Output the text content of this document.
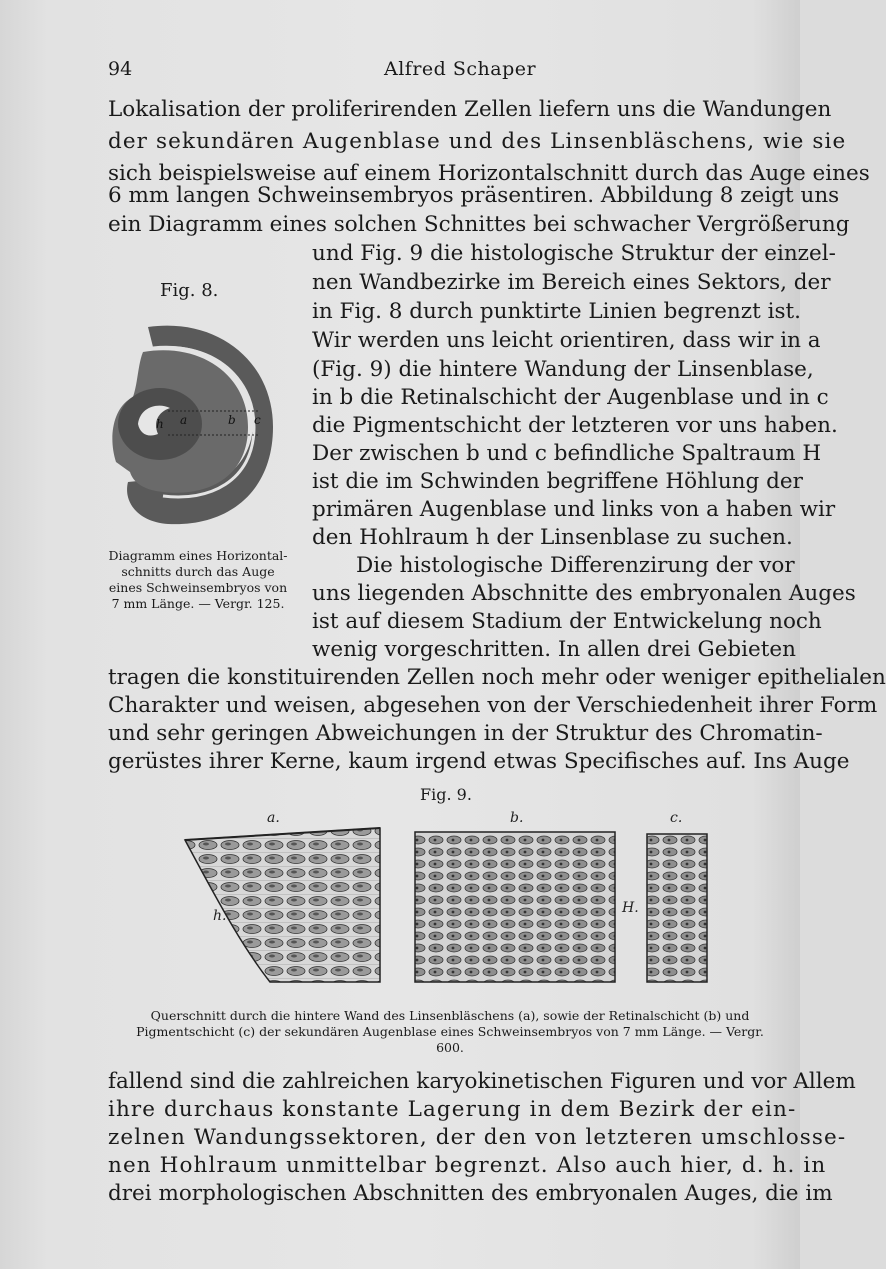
94	Alfred Schaper
Lokalisation der proliferirenden Zellen liefern uns die Wandungen
der sekundären Augenblase und des Linsenbläschens, wie sie
sich beispielsweise auf einem Horizontalschnitt durch das Auge eines
6 mm langen Schweinsembryos präsentiren. Abbildung 8 zeigt uns
ein Diagramm eines solchen Schnittes bei schwacher Vergrößerung
und Fig. 9 die histologische Struktur der einzel-
nen Wandbezirke im Bereich eines Sektors, der
in Fig. 8 durch punktirte Linien begrenzt ist.
Wir werden uns leicht orientiren, dass wir in a
(Fig. 9) die hintere Wandung der Linsenblase,
in b die Retinalschicht der Augenblase und in c
die Pigmentschicht der letzteren vor uns haben.
Der zwischen b und c befindliche Spaltraum H
ist die im Schwinden begriffene Höhlung der
primären Augenblase und links von a haben wir
den Hohlraum h der Linsenblase zu suchen.
Die histologische Differenzirung der vor
uns liegenden Abschnitte des embryonalen Auges
ist auf diesem Stadium der Entwickelung noch
wenig vorgeschritten. In allen drei Gebieten
tragen die konstituirenden Zellen noch mehr oder weniger epithelialen
Charakter und weisen, abgesehen von der Verschiedenheit ihrer Form
und sehr geringen Abweichungen in der Struktur des Chromatin-
gerüstes ihrer Kerne, kaum irgend etwas Specifisches auf. Ins Auge
Fig. 8.
h a	b c
Diagramm eines Horizontal-schnitts durch das Auge eines Schweinsembryos von 7 mm Länge. — Vergr. 125.
Fig. 9.
a.	b.	c.
h.	H.
Querschnitt durch die hintere Wand des Linsenbläschens (a), sowie der Retinalschicht (b) und Pigmentschicht (c) der sekundären Augenblase eines Schweinsembryos von 7 mm Länge. — Vergr. 600.
fallend sind die zahlreichen karyokinetischen Figuren und vor Allem
ihre durchaus konstante Lagerung in dem Bezirk der ein-
zelnen Wandungssektoren, der den von letzteren umschlosse-
nen Hohlraum unmittelbar begrenzt. Also auch hier, d. h. in
drei morphologischen Abschnitten des embryonalen Auges, die im
